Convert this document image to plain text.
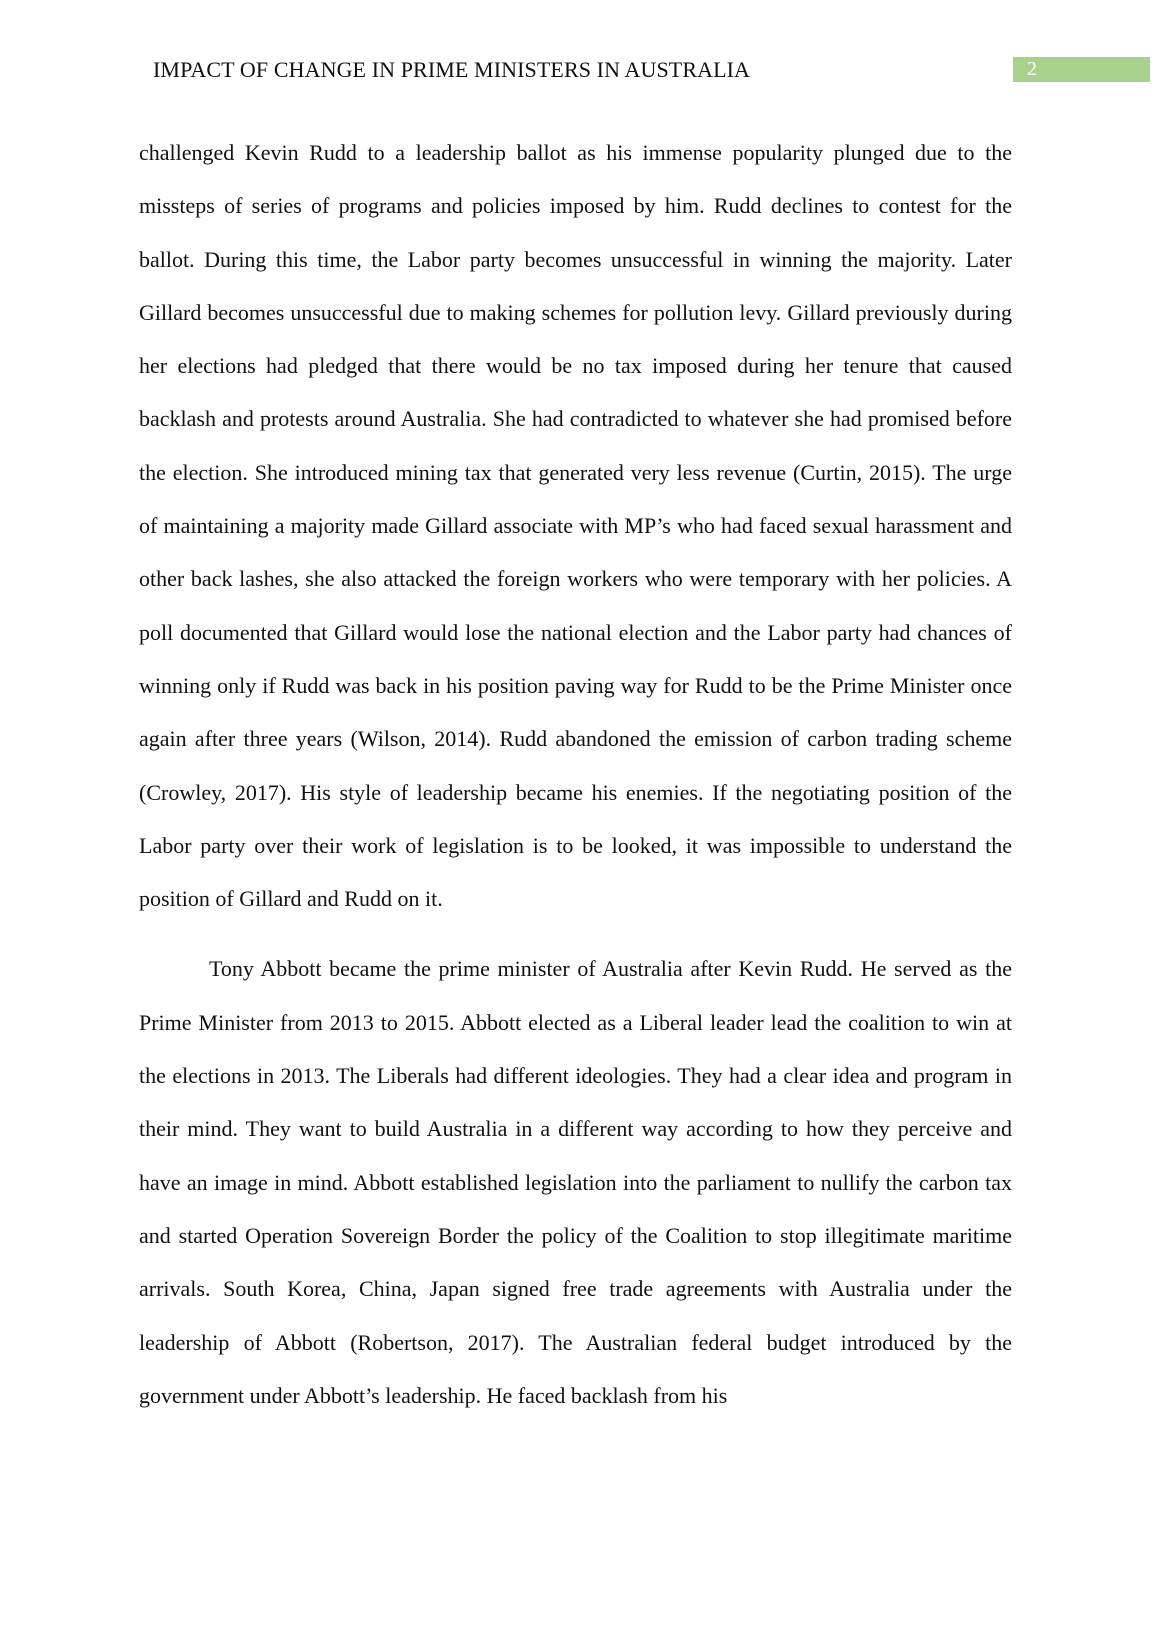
IMPACT OF CHANGE IN PRIME MINISTERS IN AUSTRALIA	2

challenged Kevin Rudd to a leadership ballot as his immense popularity plunged due to the missteps of series of programs and policies imposed by him. Rudd declines to contest for the ballot. During this time, the Labor party becomes unsuccessful in winning the majority. Later Gillard becomes unsuccessful due to making schemes for pollution levy. Gillard previously during her elections had pledged that there would be no tax imposed during her tenure that caused backlash and protests around Australia. She had contradicted to whatever she had promised before the election. She introduced mining tax that generated very less revenue (Curtin, 2015). The urge of maintaining a majority made Gillard associate with MP’s who had faced sexual harassment and other back lashes, she also attacked the foreign workers who were temporary with her policies. A poll documented that Gillard would lose the national election and the Labor party had chances of winning only if Rudd was back in his position paving way for Rudd to be the Prime Minister once again after three years (Wilson, 2014). Rudd abandoned the emission of carbon trading scheme (Crowley, 2017). His style of leadership became his enemies. If the negotiating position of the Labor party over their work of legislation is to be looked, it was impossible to understand the position of Gillard and Rudd on it.

Tony Abbott became the prime minister of Australia after Kevin Rudd. He served as the Prime Minister from 2013 to 2015. Abbott elected as a Liberal leader lead the coalition to win at the elections in 2013. The Liberals had different ideologies. They had a clear idea and program in their mind. They want to build Australia in a different way according to how they perceive and have an image in mind. Abbott established legislation into the parliament to nullify the carbon tax and started Operation Sovereign Border the policy of the Coalition to stop illegitimate maritime arrivals. South Korea, China, Japan signed free trade agreements with Australia under the leadership of Abbott (Robertson, 2017). The Australian federal budget introduced by the government under Abbott’s leadership. He faced backlash from his
